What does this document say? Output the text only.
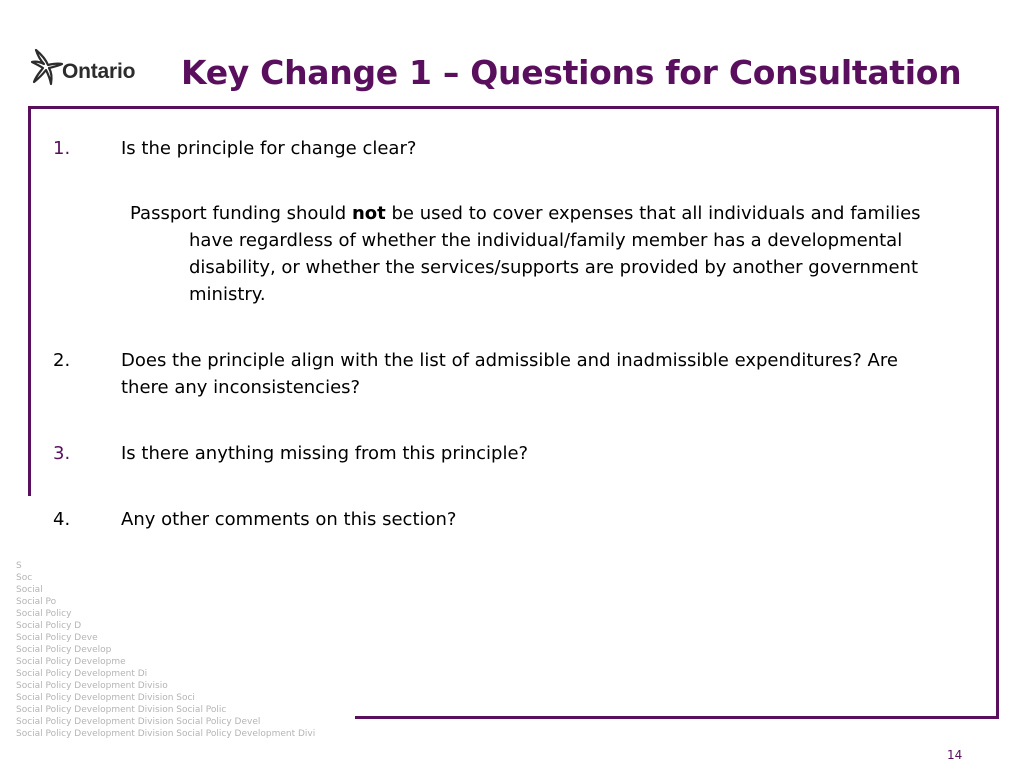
Ontario Key Change 1 – Questions for Consultation
1.	Is the principle for change clear?
Passport funding should not be used to cover expenses that all individuals and families have regardless of whether the individual/family member has a developmental disability, or whether the services/supports are provided by another government ministry.
2.	Does the principle align with the list of admissible and inadmissible expenditures? Are there any inconsistencies?
3.	Is there anything missing from this principle?
4.	Any other comments on this section?
S
Soc
Social
Social Po
Social Policy
Social Policy D
Social Policy Deve
Social Policy Develop
Social Policy Developme
Social Policy Development Di
Social Policy Development Divisio
Social Policy Development Division Soci
Social Policy Development Division Social Polic
Social Policy Development Division Social Policy Devel
Social Policy Development Division Social Policy Development Divi
14
